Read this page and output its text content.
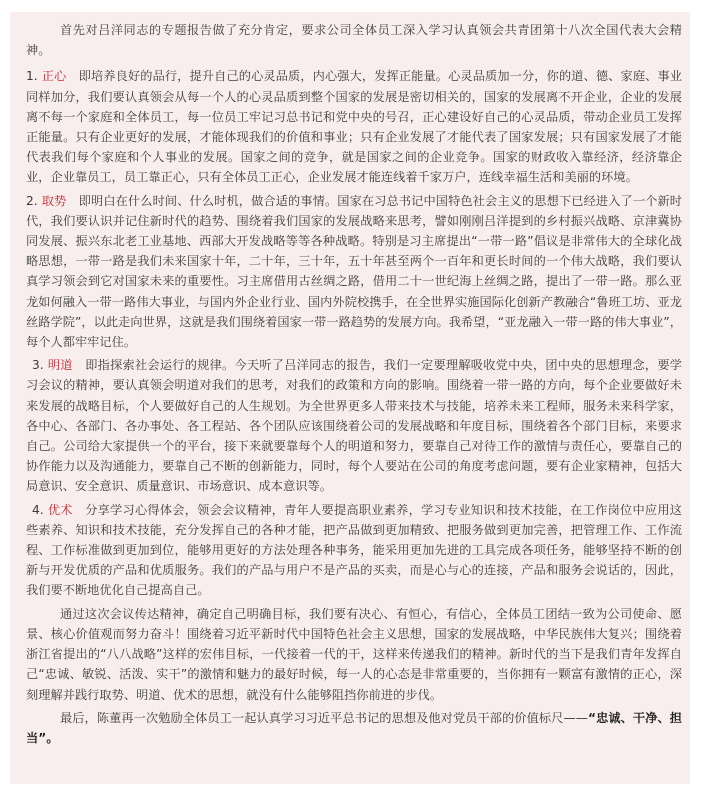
首先对吕洋同志的专题报告做了充分肯定，要求公司全体员工深入学习认真领会共青团第十八次全国代表大会精神。

1. 正心　即培养良好的品行，提升自己的心灵品质，内心强大，发挥正能量。心灵品质加一分，你的道、德、家庭、事业同样加分，我们要认真领会从每一个人的心灵品质到整个国家的发展是密切相关的，国家的发展离不开企业，企业的发展离不每一个家庭和全体员工，每一位员工牢记习总书记和党中央的号召，正心建设好自己的心灵品质，带动企业员工发挥正能量。只有企业更好的发展，才能体现我们的价值和事业；只有企业发展了才能代表了国家发展；只有国家发展了才能代表我们每个家庭和个人事业的发展。国家之间的竞争，就是国家之间的企业竞争。国家的财政收入靠经济，经济靠企业，企业靠员工，员工靠正心，只有全体员工正心，企业发展才能连线着千家万户，连线幸福生活和美丽的环境。

2. 取势　即明白在什么时间、什么时机，做合适的事情。国家在习总书记中国特色社会主义的思想下已经进入了一个新时代，我们要认识并记住新时代的趋势、围绕着我们国家的发展战略来思考，譬如刚刚吕洋提到的乡村振兴战略、京津冀协同发展、振兴东北老工业基地、西部大开发战略等等各种战略。特别是习主席提出“一带一路”倡议是非常伟大的全球化战略思想，一带一路是我们未来国家十年，二十年，三十年，五十年甚至两个一百年和更长时间的一个伟大战略，我们要认真学习领会到它对国家未来的重要性。习主席借用古丝绸之路，借用二十一世纪海上丝绸之路，提出了一带一路。那么亚龙如何融入一带一路伟大事业，与国内外企业行业、国内外院校携手，在全世界实施国际化创新产教融合“鲁班工坊、亚龙丝路学院”，以此走向世界，这就是我们围绕着国家一带一路趋势的发展方向。我希望，“亚龙融入一带一路的伟大事业”，每个人都牢牢记住。

3. 明道　即指探索社会运行的规律。今天听了吕洋同志的报告，我们一定要理解吸收党中央，团中央的思想理念，要学习会议的精神，要认真领会明道对我们的思考，对我们的政策和方向的影响。围绕着一带一路的方向，每个企业要做好未来发展的战略目标，个人要做好自己的人生规划。为全世界更多人带来技术与技能，培养未来工程师，服务未来科学家，各中心、各部门、各办事处、各工程站、各个团队应该围绕着公司的发展战略和年度目标，围绕着各个部门目标，来要求自己。公司给大家提供一个的平台，接下来就要靠每个人的明道和努力，要靠自己对待工作的激情与责任心，要靠自己的协作能力以及沟通能力，要靠自己不断的创新能力，同时，每个人要站在公司的角度考虑问题，要有企业家精神，包括大局意识、安全意识、质量意识、市场意识、成本意识等。

4. 优术　分享学习心得体会，领会会议精神，青年人要提高职业素养，学习专业知识和技术技能，在工作岗位中应用这些素养、知识和技术技能，充分发挥自己的各种才能，把产品做到更加精致、把服务做到更加完善，把管理工作、工作流程、工作标准做到更加到位，能够用更好的方法处理各种事务，能采用更加先进的工具完成各项任务，能够坚持不断的创新与开发优质的产品和优质服务。我们的产品与用户不是产品的买卖，而是心与心的连接，产品和服务会说话的，因此，我们要不断地优化自己提高自己。

通过这次会议传达精神，确定自己明确目标，我们要有决心、有恒心，有信心，全体员工团结一致为公司使命、愿景、核心价值观而努力奋斗！围绕着习近平新时代中国特色社会主义思想，国家的发展战略，中华民族伟大复兴；围绕着浙江省提出的“八八战略”这样的宏伟目标，一代接着一代的干，这样来传递我们的精神。新时代的当下是我们青年发挥自己“忠诚、敏锐、活泼、实干”的激情和魅力的最好时候，每一人的心态是非常重要的，当你拥有一颗富有激情的正心，深刻理解并践行取势、明道、优术的思想，就没有什么能够阻挡你前进的步伐。

最后，陈董再一次勉励全体员工一起认真学习习近平总书记的思想及他对党员干部的价值标尺——“忠诚、干净、担当”。
